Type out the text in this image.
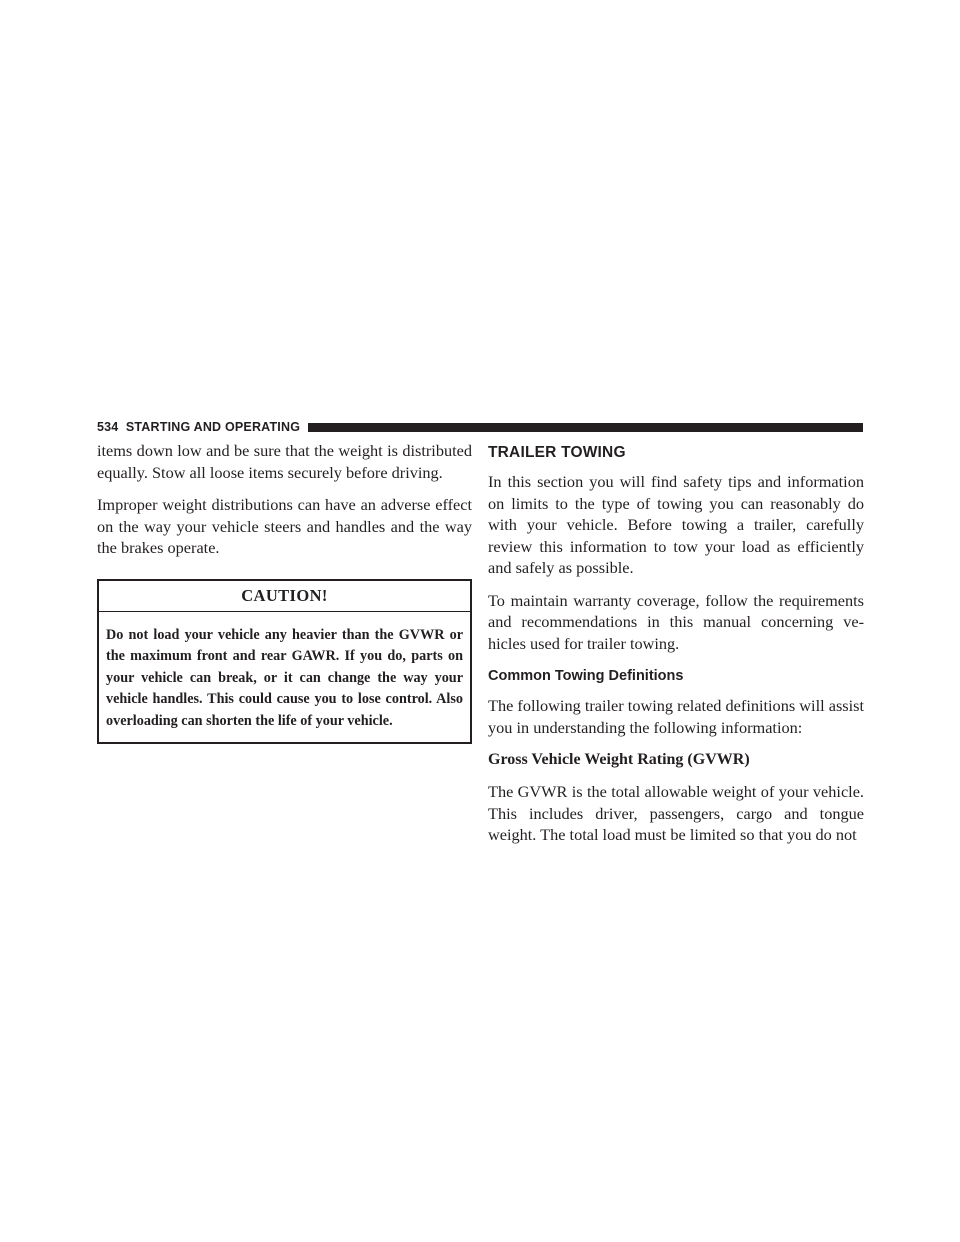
534 STARTING AND OPERATING

items down low and be sure that the weight is distributed equally. Stow all loose items securely before driving.

Improper weight distributions can have an adverse effect on the way your vehicle steers and handles and the way the brakes operate.

CAUTION!
Do not load your vehicle any heavier than the GVWR or the maximum front and rear GAWR. If you do, parts on your vehicle can break, or it can change the way your vehicle handles. This could cause you to lose control. Also overloading can shorten the life of your vehicle.
TRAILER TOWING

In this section you will find safety tips and information on limits to the type of towing you can reasonably do with your vehicle. Before towing a trailer, carefully review this information to tow your load as efficiently and safely as possible.

To maintain warranty coverage, follow the requirements and recommendations in this manual concerning ve-hicles used for trailer towing.

Common Towing Definitions

The following trailer towing related definitions will assist you in understanding the following information:

Gross Vehicle Weight Rating (GVWR)

The GVWR is the total allowable weight of your vehicle. This includes driver, passengers, cargo and tongue weight. The total load must be limited so that you do not
